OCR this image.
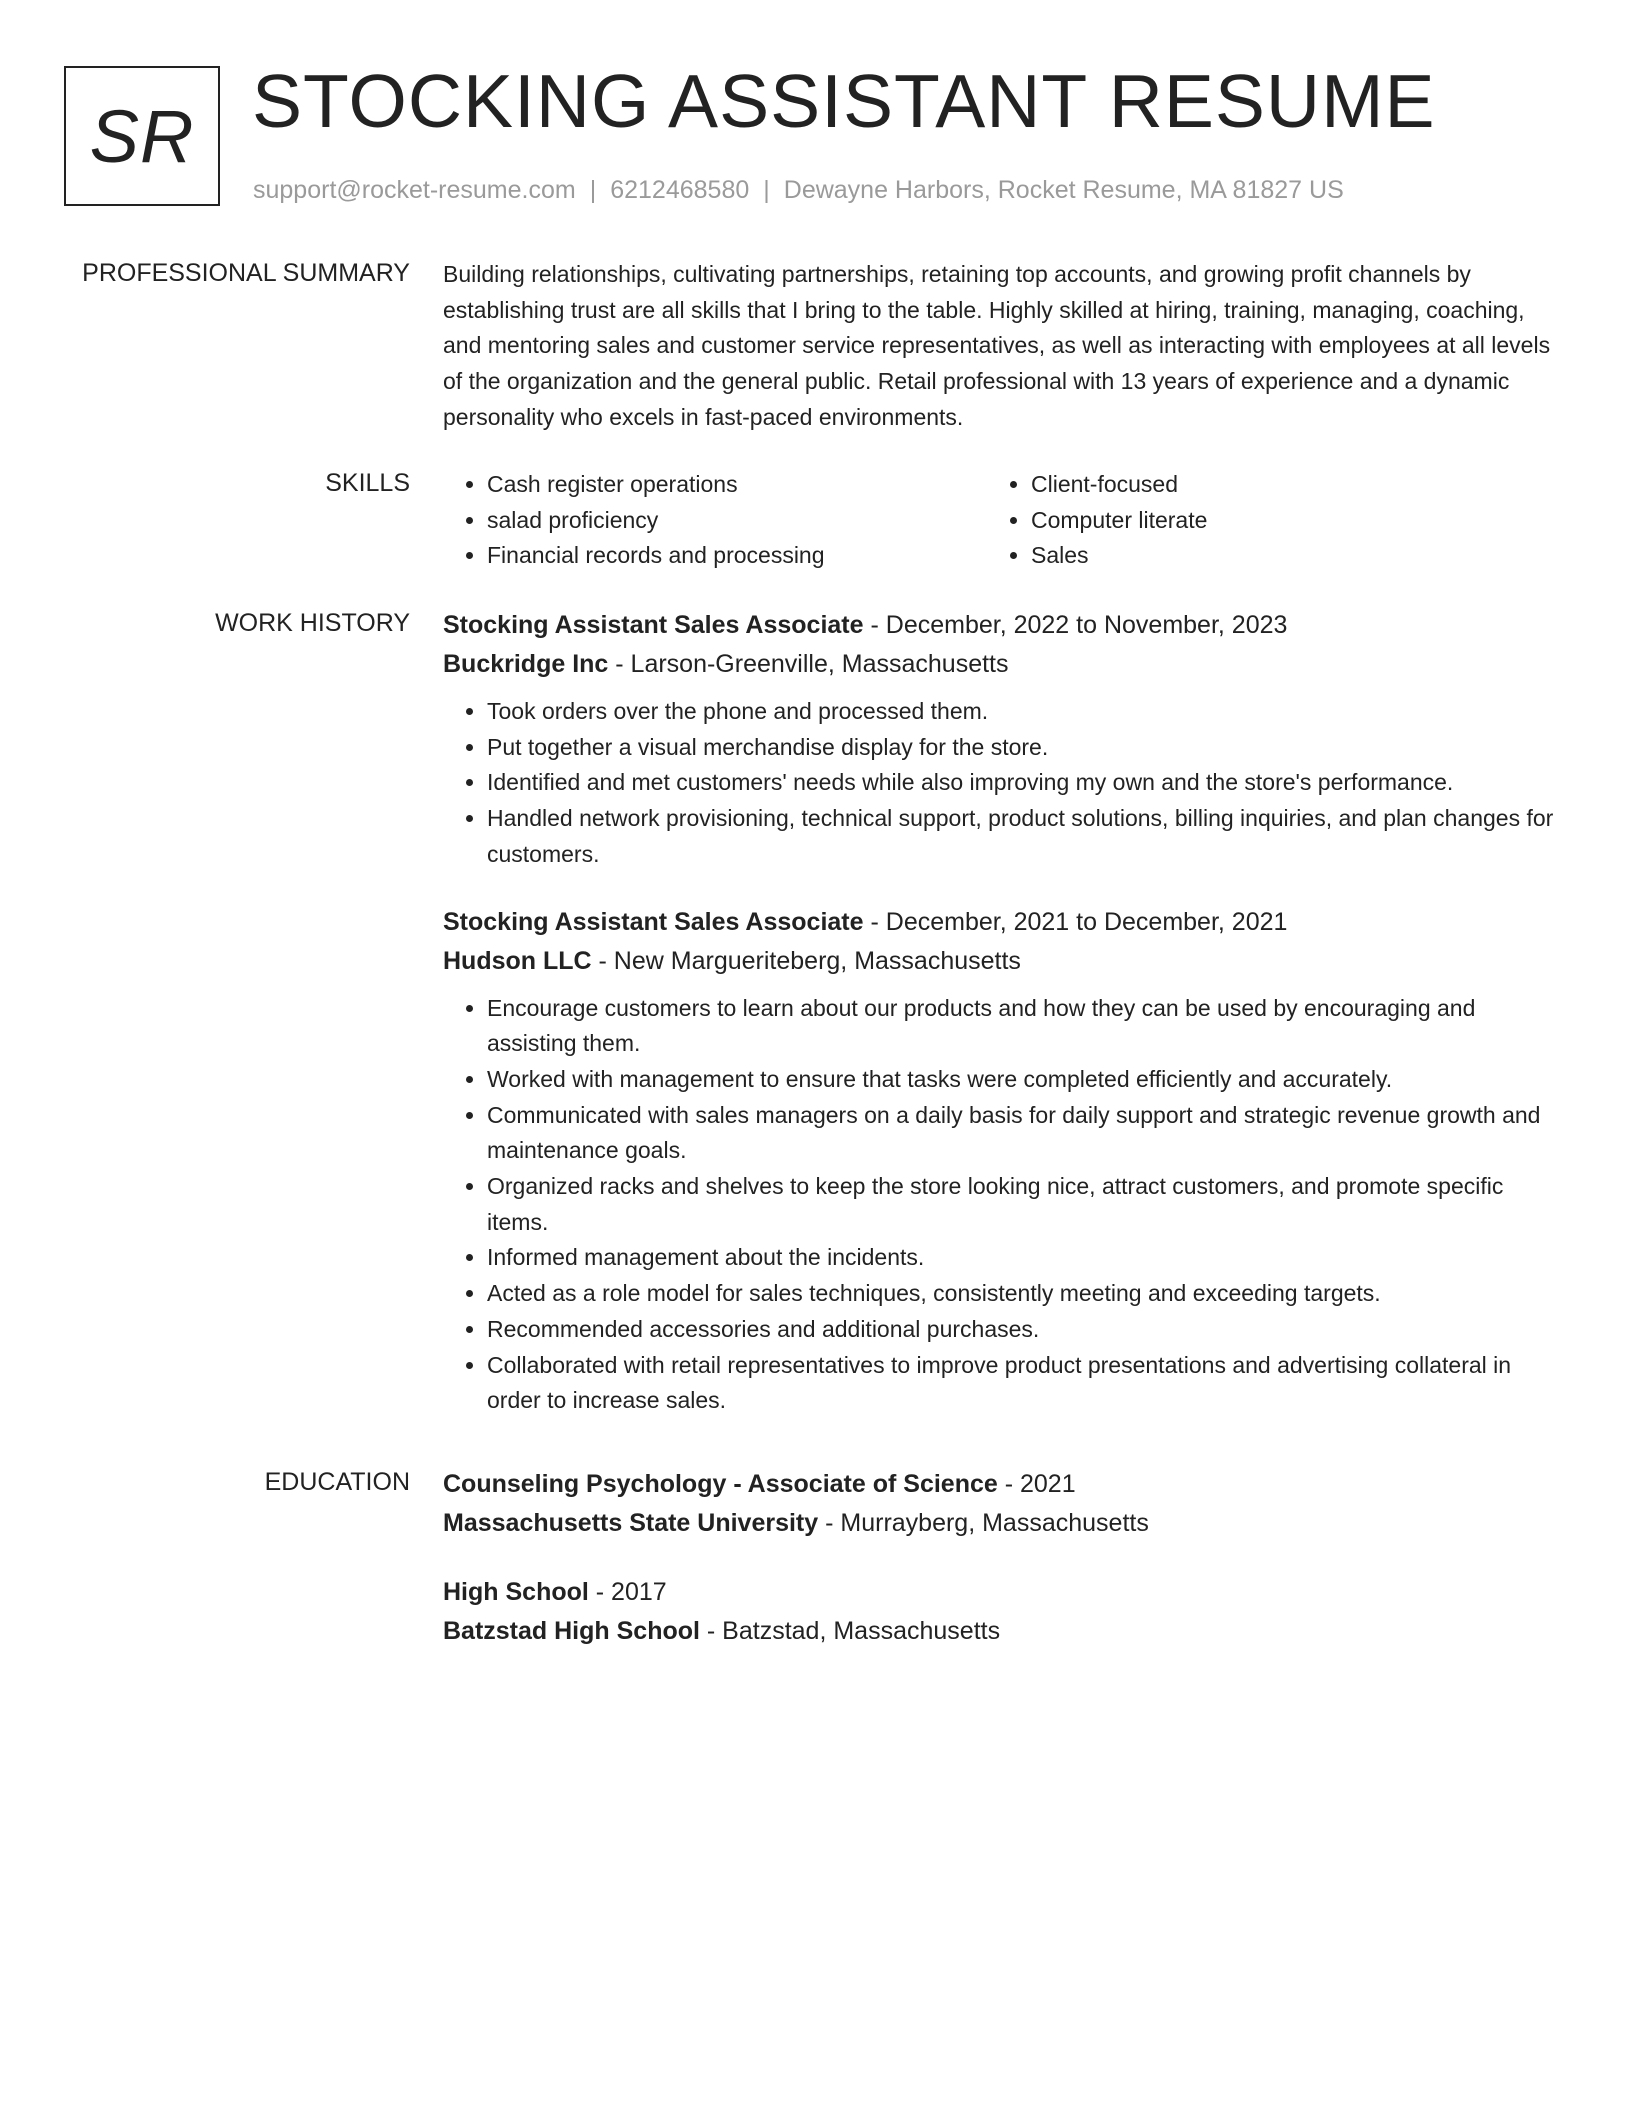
SR STOCKING ASSISTANT RESUME
support@rocket-resume.com | 6212468580 | Dewayne Harbors, Rocket Resume, MA 81827 US
PROFESSIONAL SUMMARY Building relationships, cultivating partnerships, retaining top accounts, and growing profit channels by establishing trust are all skills that I bring to the table. Highly skilled at hiring, training, managing, coaching, and mentoring sales and customer service representatives, as well as interacting with employees at all levels of the organization and the general public. Retail professional with 13 years of experience and a dynamic personality who excels in fast-paced environments.

SKILLS
•	Cash register operations
• salad proficiency
• Financial records and processing
• Client-focused
• Computer literate
• Sales
WORK HISTORY Stocking Assistant Sales Associate - December, 2022 to November, 2023
Buckridge Inc - Larson-Greenville, Massachusetts
• Took orders over the phone and processed them.
• Put together a visual merchandise display for the store.
• Identified and met customers' needs while also improving my own and the store's performance.
• Handled network provisioning, technical support, product solutions, billing inquiries, and plan changes for customers.
Stocking Assistant Sales Associate - December, 2021 to December, 2021
Hudson LLC - New Margueriteberg, Massachusetts
• Encourage customers to learn about our products and how they can be used by encouraging and assisting them.
• Worked with management to ensure that tasks were completed efficiently and accurately.
• Communicated with sales managers on a daily basis for daily support and strategic revenue growth and maintenance goals.
• Organized racks and shelves to keep the store looking nice, attract customers, and promote specific items.
• Informed management about the incidents.
• Acted as a role model for sales techniques, consistently meeting and exceeding targets.
• Recommended accessories and additional purchases.
• Collaborated with retail representatives to improve product presentations and advertising collateral in order to increase sales.
EDUCATION Counseling Psychology - Associate of Science - 2021
Massachusetts State University - Murrayberg, Massachusetts
High School - 2017
Batzstad High School - Batzstad, Massachusetts
